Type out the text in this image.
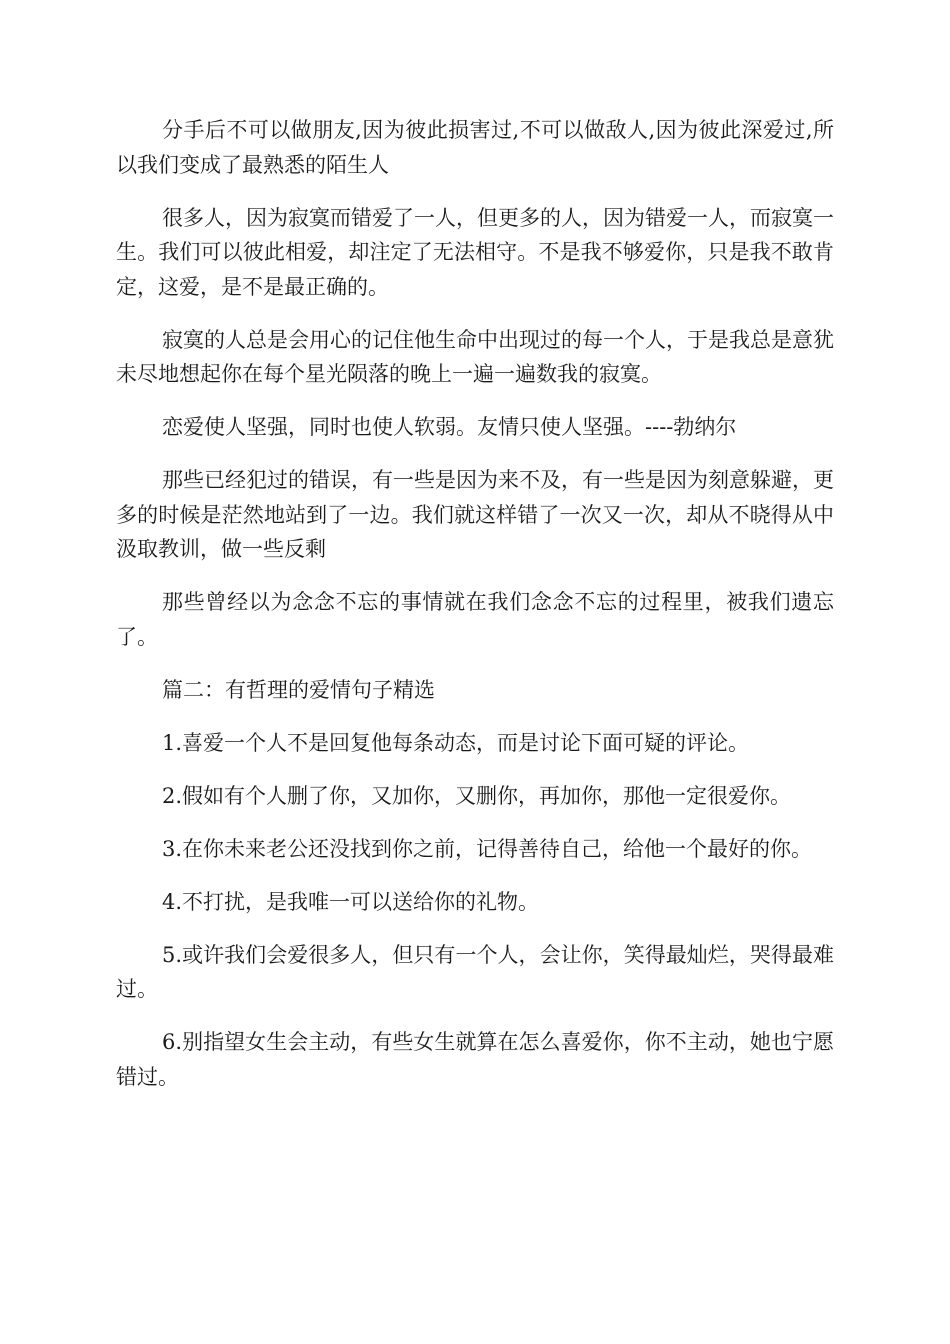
分手后不可以做朋友,因为彼此损害过,不可以做敌人,因为彼此深爱过,所以我们变成了最熟悉的陌生人

很多人，因为寂寞而错爱了一人，但更多的人，因为错爱一人，而寂寞一生。我们可以彼此相爱，却注定了无法相守。不是我不够爱你，只是我不敢肯定，这爱，是不是最正确的。

寂寞的人总是会用心的记住他生命中出现过的每一个人，于是我总是意犹未尽地想起你在每个星光陨落的晚上一遍一遍数我的寂寞。

恋爱使人坚强，同时也使人软弱。友情只使人坚强。----勃纳尔

那些已经犯过的错误，有一些是因为来不及，有一些是因为刻意躲避，更多的时候是茫然地站到了一边。我们就这样错了一次又一次，却从不晓得从中汲取教训，做一些反剩

那些曾经以为念念不忘的事情就在我们念念不忘的过程里，被我们遗忘了。

篇二：有哲理的爱情句子精选

1.喜爱一个人不是回复他每条动态，而是讨论下面可疑的评论。

2.假如有个人删了你，又加你，又删你，再加你，那他一定很爱你。

3.在你未来老公还没找到你之前，记得善待自己，给他一个最好的你。

4.不打扰，是我唯一可以送给你的礼物。

5.或许我们会爱很多人，但只有一个人，会让你，笑得最灿烂，哭得最难过。

6.别指望女生会主动，有些女生就算在怎么喜爱你，你不主动，她也宁愿错过。
